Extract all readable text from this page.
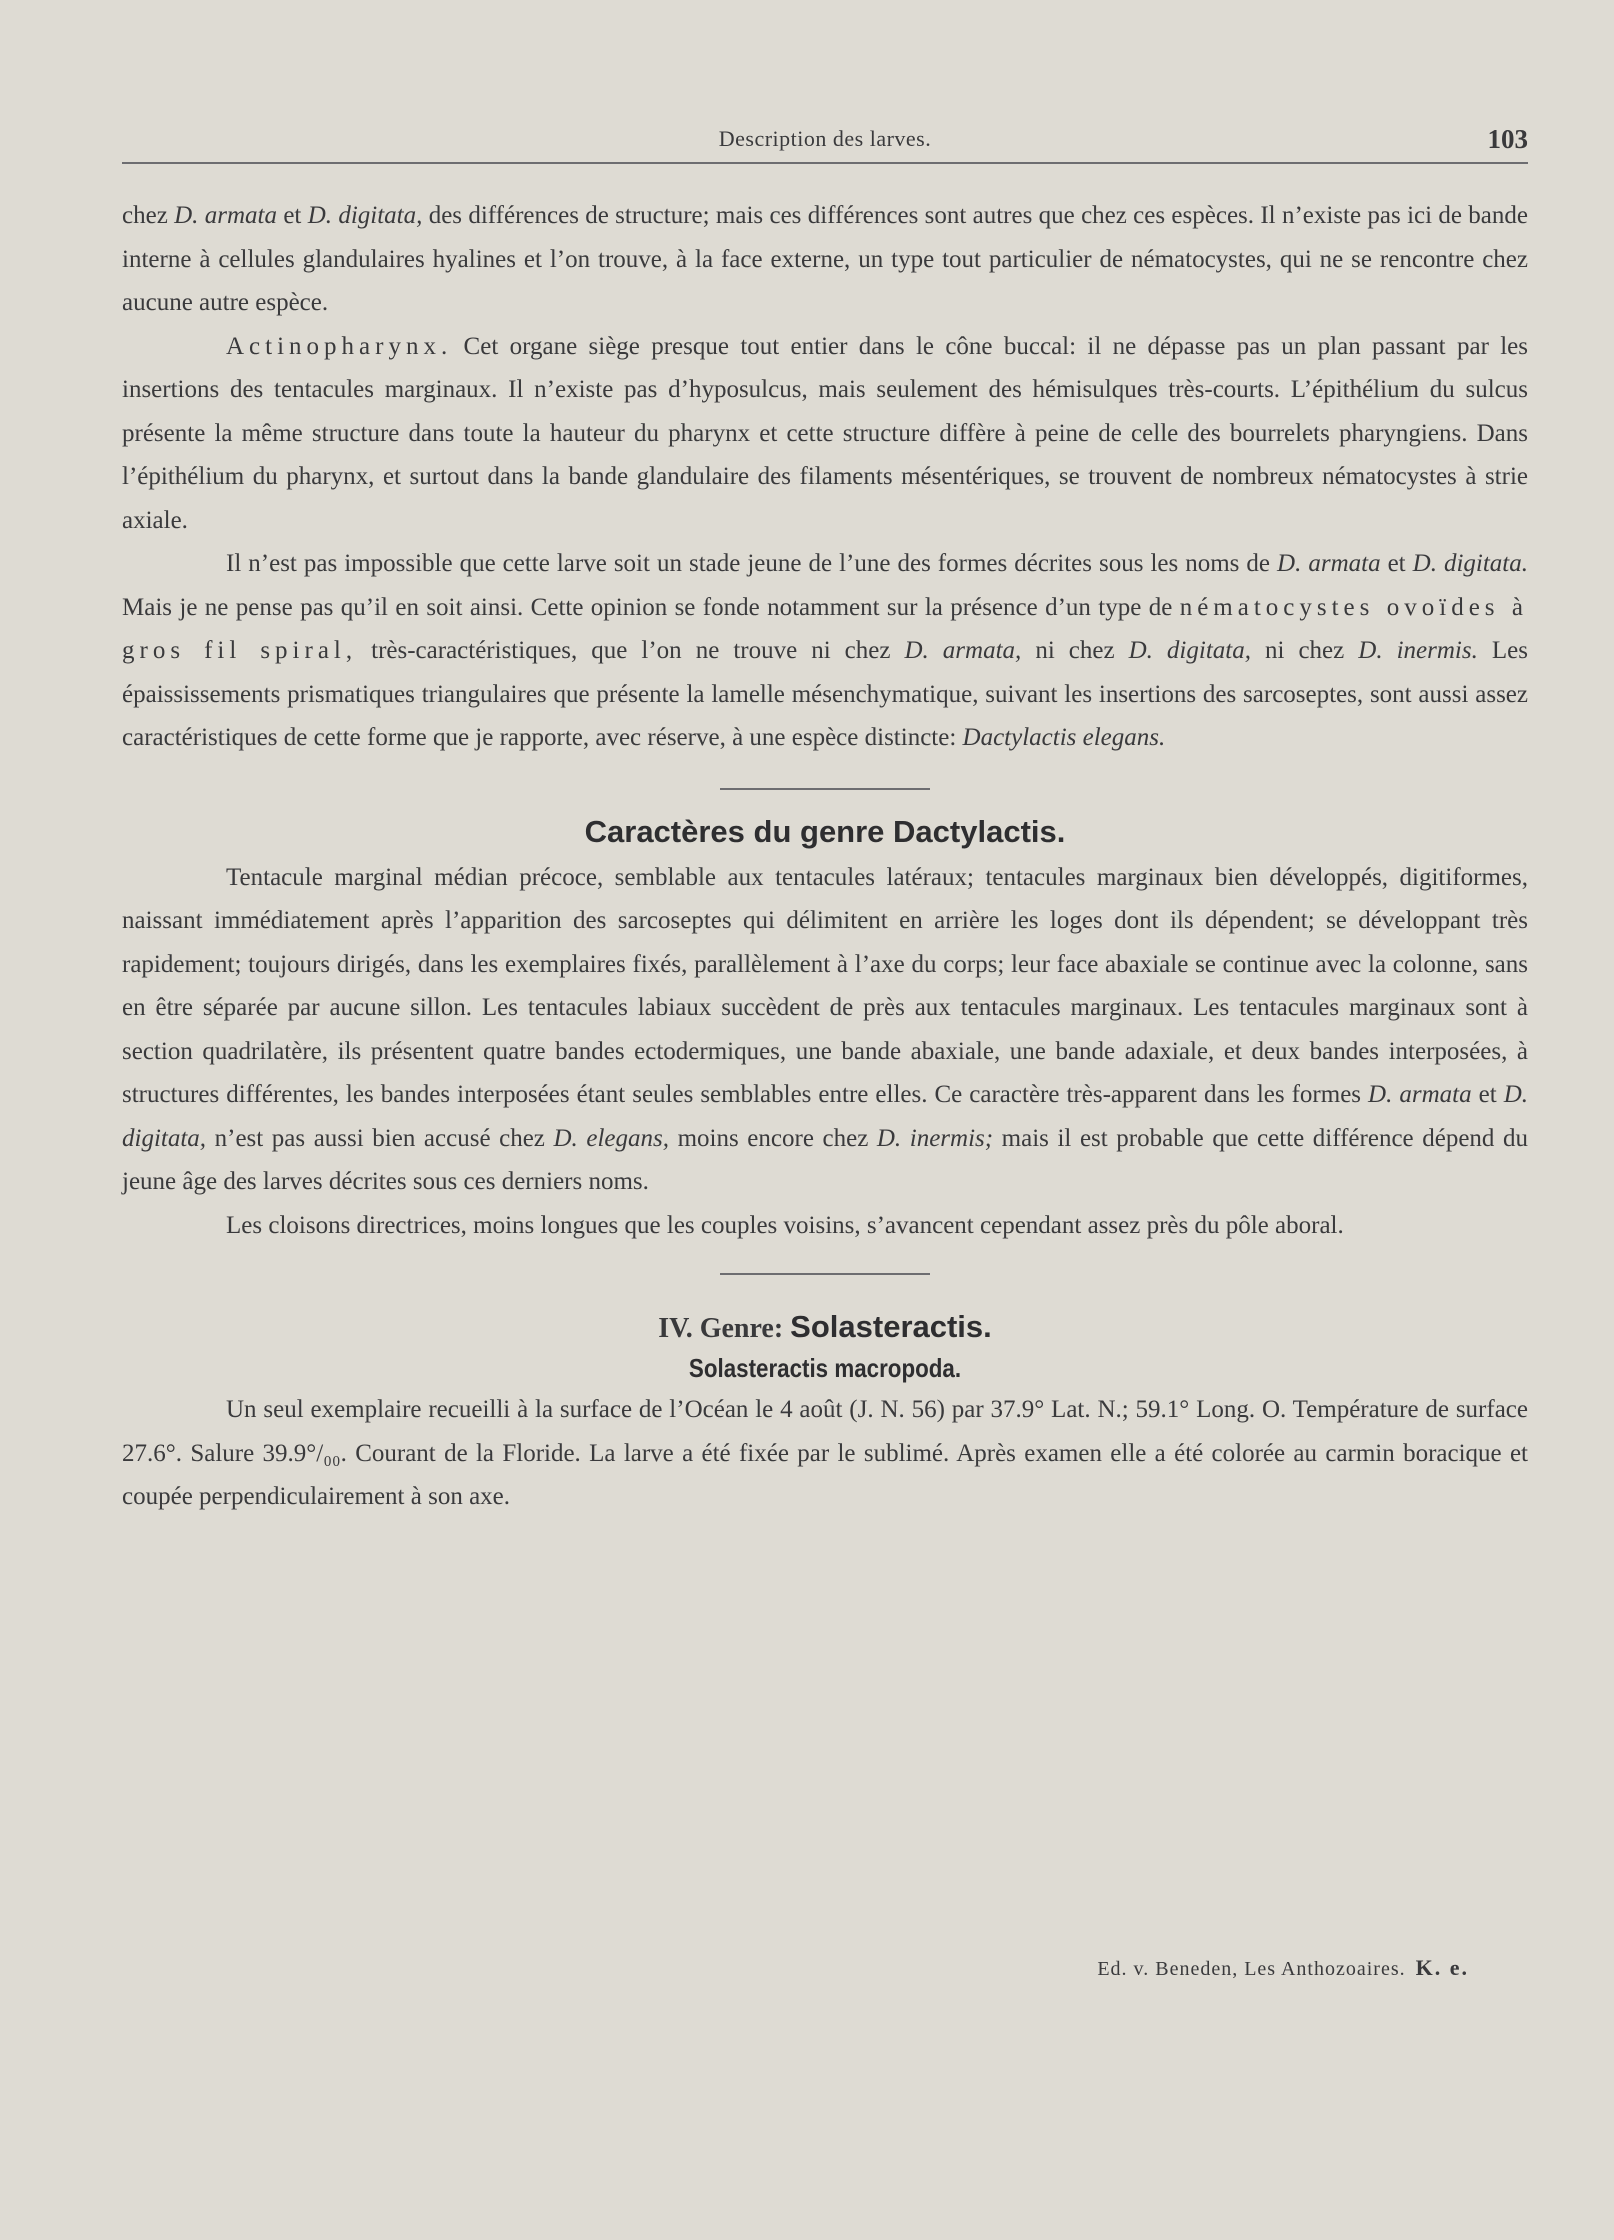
Description des larves.	103

chez D. armata et D. digitata, des différences de structure; mais ces différences sont autres que chez ces espèces. Il n’existe pas ici de bande interne à cellules glandulaires hyalines et l’on trouve, à la face externe, un type tout particulier de nématocystes, qui ne se rencontre chez aucune autre espèce.

Actinopharynx. Cet organe siège presque tout entier dans le cône buccal: il ne dépasse pas un plan passant par les insertions des tentacules marginaux. Il n’existe pas d’hyposulcus, mais seulement des hémisulques très-courts. L’épithélium du sulcus présente la même structure dans toute la hauteur du pharynx et cette structure diffère à peine de celle des bourrelets pharyngiens. Dans l’épithélium du pharynx, et surtout dans la bande glandulaire des filaments mésentériques, se trouvent de nombreux nématocystes à strie axiale.

Il n’est pas impossible que cette larve soit un stade jeune de l’une des formes décrites sous les noms de D. armata et D. digitata. Mais je ne pense pas qu’il en soit ainsi. Cette opinion se fonde notamment sur la présence d’un type de nématocystes ovoïdes à gros fil spiral, très-caractéristiques, que l’on ne trouve ni chez D. armata, ni chez D. digitata, ni chez D. inermis. Les épaississements prismatiques triangulaires que présente la lamelle mésenchymatique, suivant les insertions des sarcoseptes, sont aussi assez caractéristiques de cette forme que je rapporte, avec réserve, à une espèce distincte: Dactylactis elegans.

Caractères du genre Dactylactis.

Tentacule marginal médian précoce, semblable aux tentacules latéraux; tentacules marginaux bien développés, digitiformes, naissant immédiatement après l’apparition des sarcoseptes qui délimitent en arrière les loges dont ils dépendent; se développant très rapidement; toujours dirigés, dans les exemplaires fixés, parallèlement à l’axe du corps; leur face abaxiale se continue avec la colonne, sans en être séparée par aucune sillon. Les tentacules labiaux succèdent de près aux tentacules marginaux. Les tentacules marginaux sont à section quadrilatère, ils présentent quatre bandes ectodermiques, une bande abaxiale, une bande adaxiale, et deux bandes interposées, à structures différentes, les bandes interposées étant seules semblables entre elles. Ce caractère très-apparent dans les formes D. armata et D. digitata, n’est pas aussi bien accusé chez D. elegans, moins encore chez D. inermis; mais il est probable que cette différence dépend du jeune âge des larves décrites sous ces derniers noms.

Les cloisons directrices, moins longues que les couples voisins, s’avancent cependant assez près du pôle aboral.

IV. Genre: Solasteractis.
Solasteractis macropoda.

Un seul exemplaire recueilli à la surface de l’Océan le 4 août (J. N. 56) par 37.9° Lat. N.; 59.1° Long. O. Température de surface 27.6°. Salure 39.9°/₀₀. Courant de la Floride. La larve a été fixée par le sublimé. Après examen elle a été colorée au carmin boracique et coupée perpendiculairement à son axe.

Ed. v. Beneden, Les Anthozoaires. K. e.
